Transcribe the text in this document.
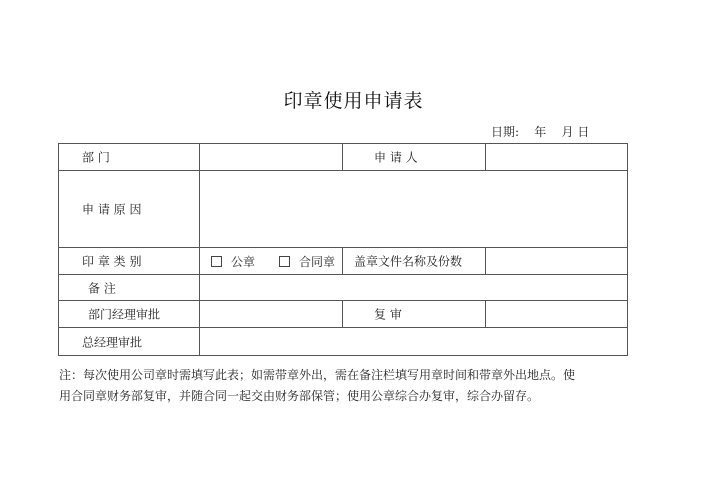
印章使用申请表
日期:    年    月 日
部 门		申 请 人	

申 请 原 因			

印 章 类 别	公章 合同章	盖章文件名称及份数	

备 注			

部门经理审批		复 审	

总经理审批			

注：每次使用公司章时需填写此表；如需带章外出，需在备注栏填写用章时间和带章外出地点。使
用合同章财务部复审，并随合同一起交由财务部保管；使用公章综合办复审，综合办留存。
